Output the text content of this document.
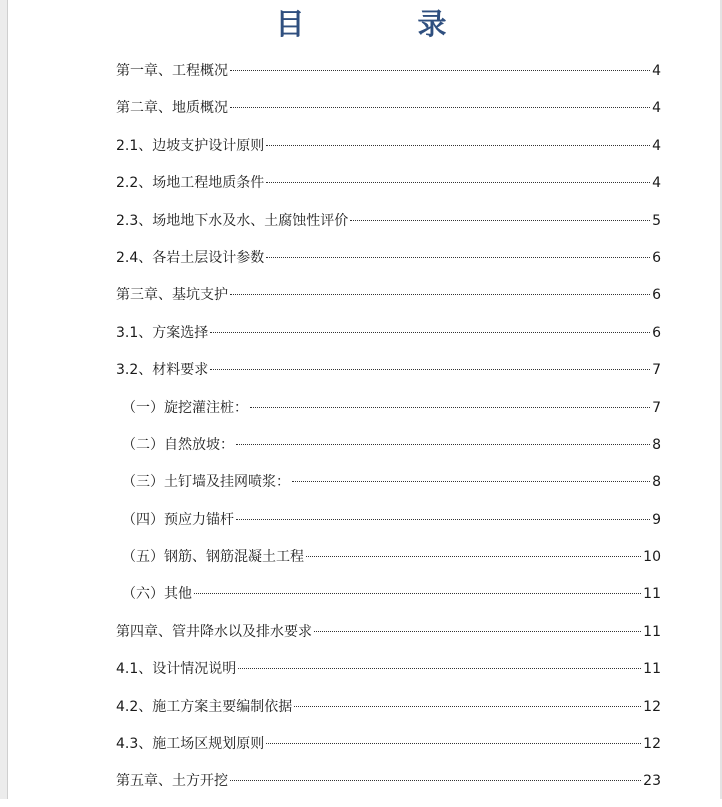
目　录
第一章、工程概况	4
第二章、地质概况	4
2.1、边坡支护设计原则	4
2.2、场地工程地质条件	4
2.3、场地地下水及水、土腐蚀性评价	5
2.4、各岩土层设计参数	6
第三章、基坑支护	6
3.1、方案选择	6
3.2、材料要求	7
（一）旋挖灌注桩：	7
（二）自然放坡：	8
（三）土钉墙及挂网喷浆：	8
（四）预应力锚杆	9
（五）钢筋、钢筋混凝土工程	10
（六）其他	11
第四章、管井降水以及排水要求	11
4.1、设计情况说明	11
4.2、施工方案主要编制依据	12
4.3、施工场区规划原则	12
第五章、土方开挖	23
